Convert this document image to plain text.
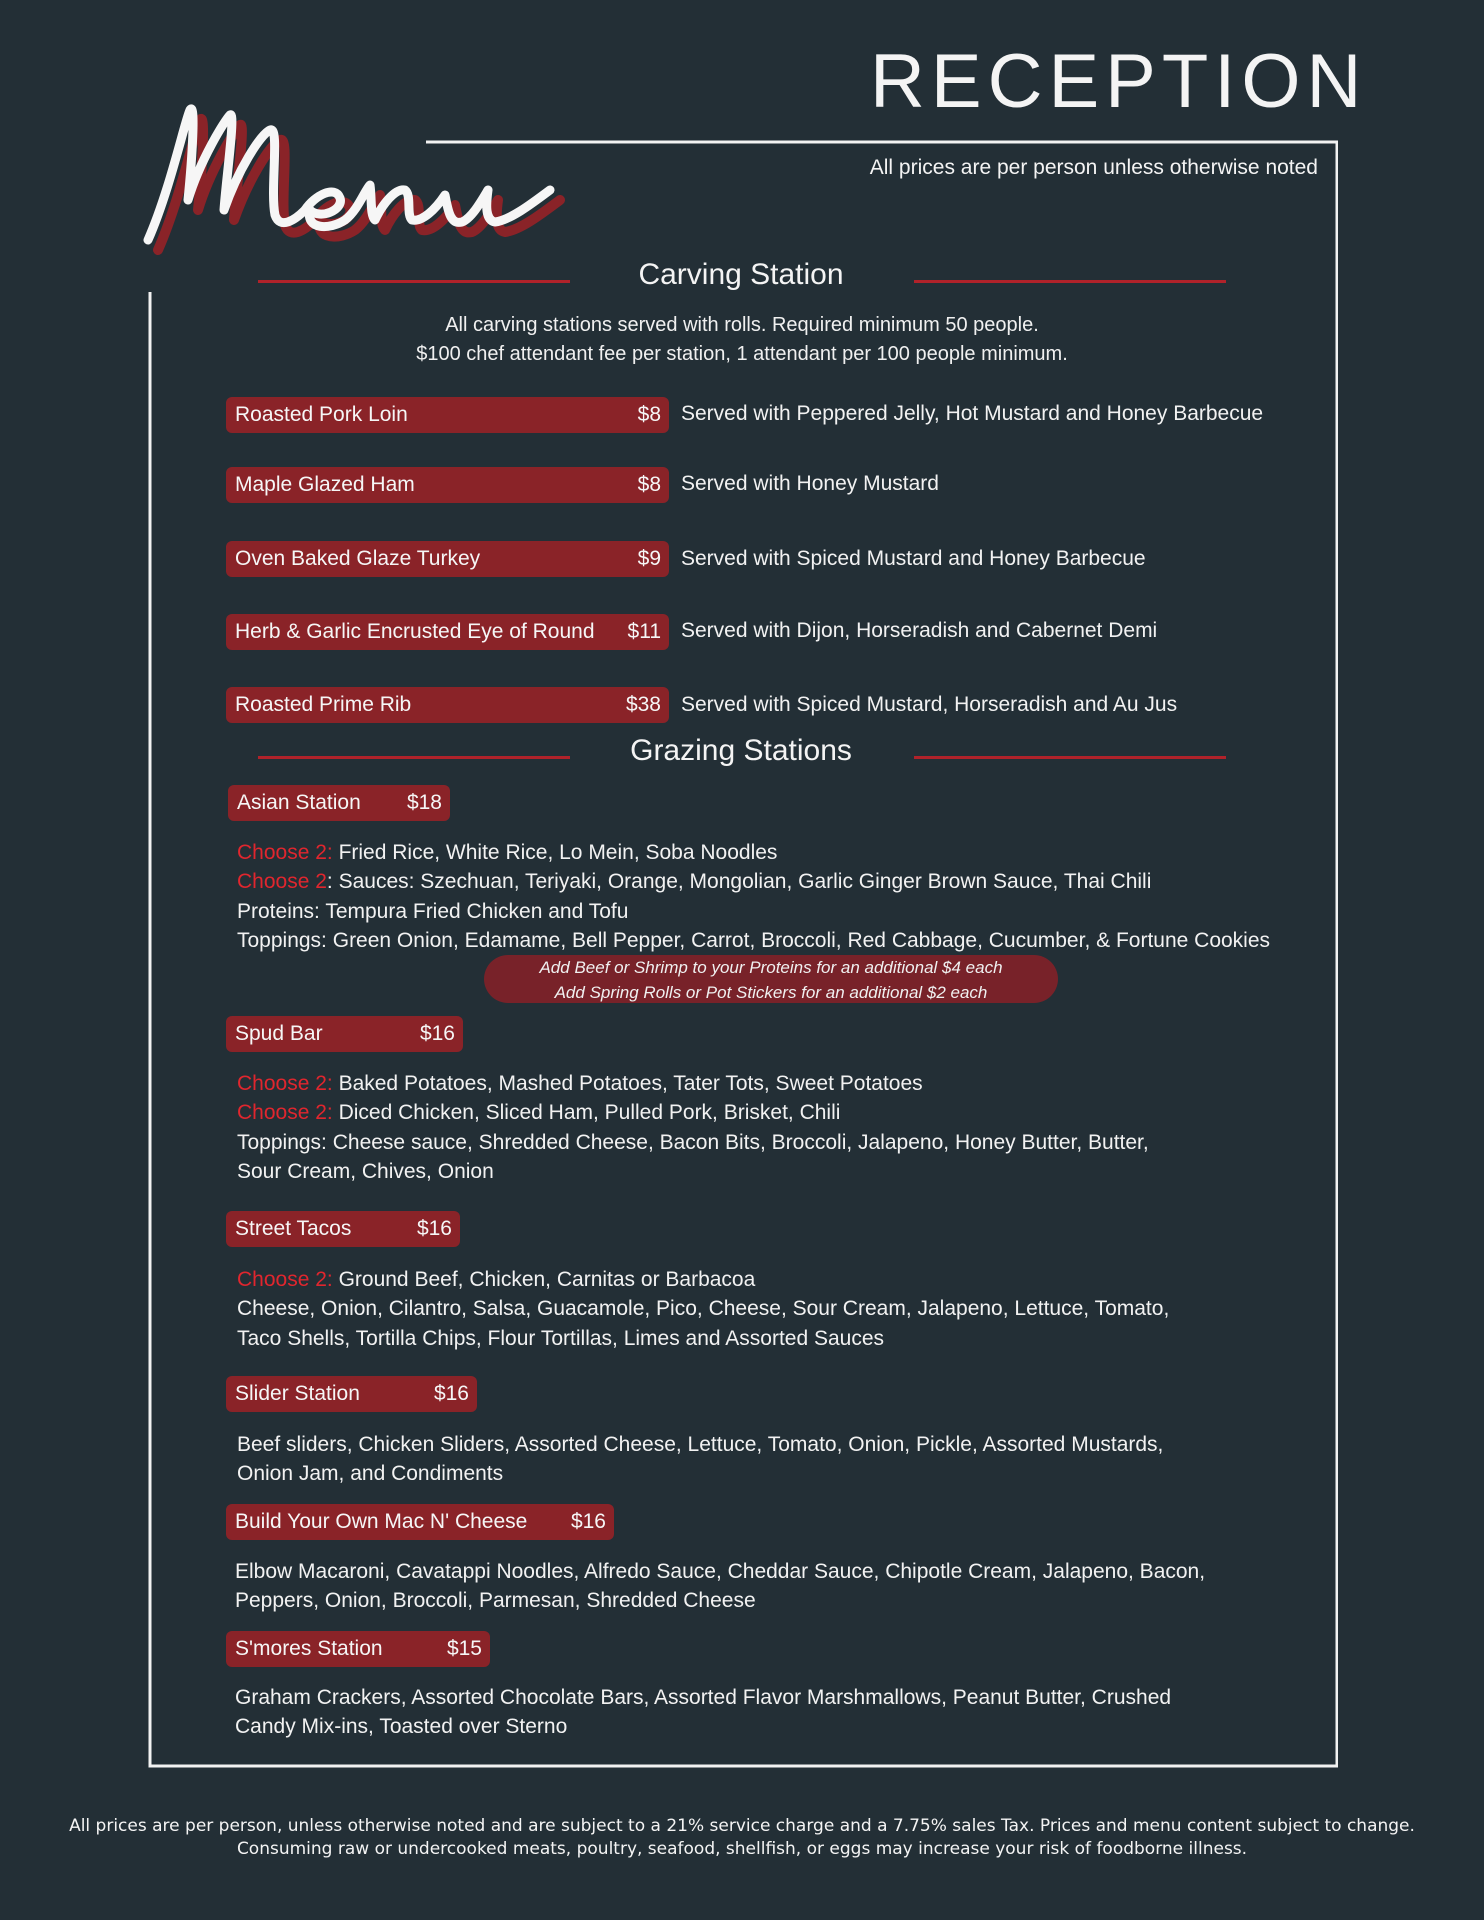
RECEPTION
All prices are per person unless otherwise noted
Carving Station
All carving stations served with rolls. Required minimum 50 people.
$100 chef attendant fee per station, 1 attendant per 100 people minimum.
Roasted Pork Loin	$8 Served with Peppered Jelly, Hot Mustard and Honey Barbecue
Maple Glazed Ham	$8 Served with Honey Mustard
Oven Baked Glaze Turkey	$9 Served with Spiced Mustard and Honey Barbecue
Herb & Garlic Encrusted Eye of Round $11 Served with Dijon, Horseradish and Cabernet Demi
Roasted Prime Rib	$38 Served with Spiced Mustard, Horseradish and Au Jus
Grazing Stations
Asian Station $18
Choose 2: Fried Rice, White Rice, Lo Mein, Soba Noodles
Choose 2: Sauces: Szechuan, Teriyaki, Orange, Mongolian, Garlic Ginger Brown Sauce, Thai Chili
Proteins: Tempura Fried Chicken and Tofu
Toppings: Green Onion, Edamame, Bell Pepper, Carrot, Broccoli, Red Cabbage, Cucumber, & Fortune Cookies
Add Beef or Shrimp to your Proteins for an additional $4 each
Add Spring Rolls or Pot Stickers for an additional $2 each
Spud Bar	$16
Choose 2: Baked Potatoes, Mashed Potatoes, Tater Tots, Sweet Potatoes
Choose 2: Diced Chicken, Sliced Ham, Pulled Pork, Brisket, Chili
Toppings: Cheese sauce, Shredded Cheese, Bacon Bits, Broccoli, Jalapeno, Honey Butter, Butter,
Sour Cream, Chives, Onion
Street Tacos	$16
Choose 2: Ground Beef, Chicken, Carnitas or Barbacoa
Cheese, Onion, Cilantro, Salsa, Guacamole, Pico, Cheese, Sour Cream, Jalapeno, Lettuce, Tomato,
Taco Shells, Tortilla Chips, Flour Tortillas, Limes and Assorted Sauces
Slider Station	$16
Beef sliders, Chicken Sliders, Assorted Cheese, Lettuce, Tomato, Onion, Pickle, Assorted Mustards,
Onion Jam, and Condiments
Build Your Own Mac N' Cheese $16
Elbow Macaroni, Cavatappi Noodles, Alfredo Sauce, Cheddar Sauce, Chipotle Cream, Jalapeno, Bacon,
Peppers, Onion, Broccoli, Parmesan, Shredded Cheese
S'mores Station	$15
Graham Crackers, Assorted Chocolate Bars, Assorted Flavor Marshmallows, Peanut Butter, Crushed
Candy Mix-ins, Toasted over Sterno
All prices are per person, unless otherwise noted and are subject to a 21% service charge and a 7.75% sales Tax. Prices and menu content subject to change.
Consuming raw or undercooked meats, poultry, seafood, shellfish, or eggs may increase your risk of foodborne illness.
